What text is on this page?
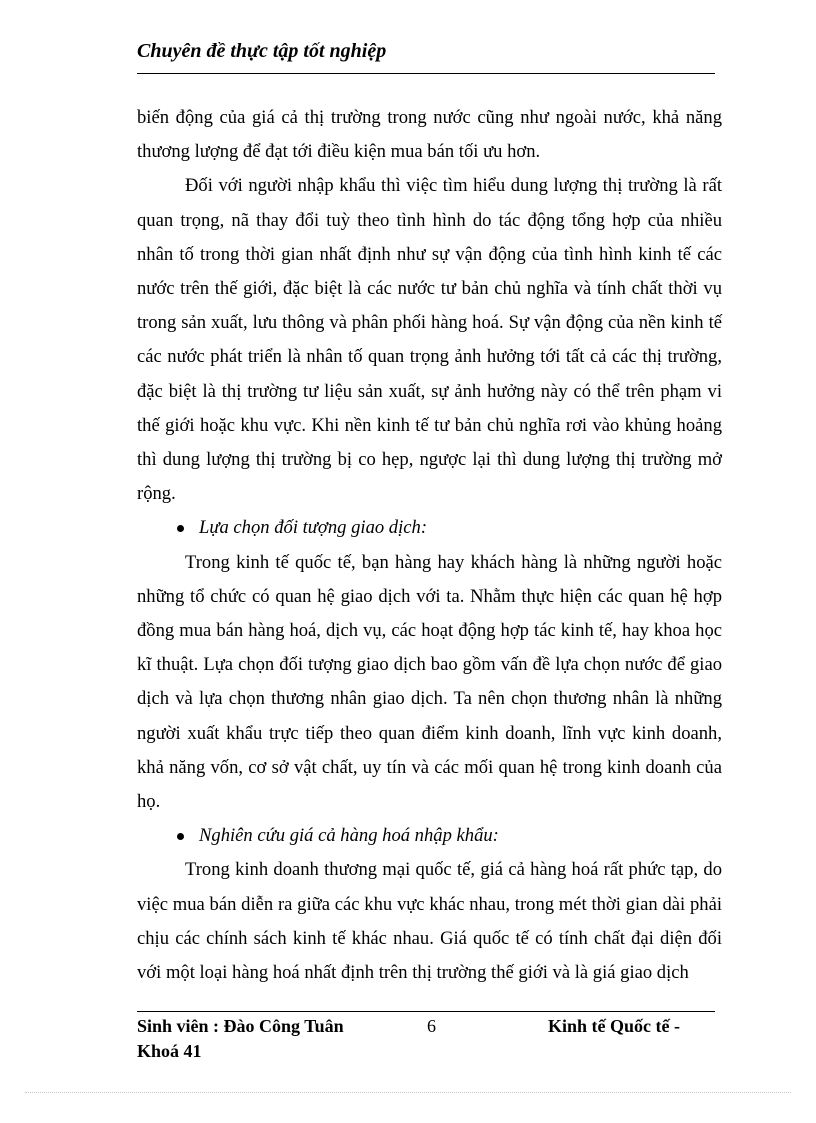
Chuyên đề thực tập tốt nghiệp

biến động của giá cả thị trường trong nước cũng như ngoài nước, khả năng thương lượng để đạt tới điều kiện mua bán tối ưu hơn.

Đối với người nhập khẩu thì việc tìm hiểu dung lượng thị trường là rất quan trọng, nã thay đổi tuỳ theo tình hình do tác động tổng hợp của nhiều nhân tố trong thời gian nhất định như sự vận động của tình hình kinh tế các nước trên thế giới, đặc biệt là các nước tư bản chủ nghĩa và tính chất thời vụ trong sản xuất, lưu thông và phân phối hàng hoá. Sự vận động của nền kinh tế các nước phát triển là nhân tố quan trọng ảnh hưởng tới tất cả các thị trường, đặc biệt là thị trường tư liệu sản xuất, sự ảnh hưởng này có thể trên phạm vi thế giới hoặc khu vực. Khi nền kinh tế tư bản chủ nghĩa rơi vào khủng hoảng thì dung lượng thị trường bị co hẹp, ngược lại thì dung lượng thị trường mở rộng.

Lựa chọn đối tượng giao dịch:

Trong kinh tế quốc tế, bạn hàng hay khách hàng là những người hoặc những tổ chức có quan hệ giao dịch với ta. Nhằm thực hiện các quan hệ hợp đồng mua bán hàng hoá, dịch vụ, các hoạt động hợp tác kinh tế, hay khoa học kĩ thuật. Lựa chọn đối tượng giao dịch bao gồm vấn đề lựa chọn nước để giao dịch và lựa chọn thương nhân giao dịch. Ta nên chọn thương nhân là những người xuất khẩu trực tiếp theo quan điểm kinh doanh, lĩnh vực kinh doanh, khả năng vốn, cơ sở vật chất, uy tín và các mối quan hệ trong kinh doanh của họ.

Nghiên cứu giá cả hàng hoá nhập khẩu:

Trong kinh doanh thương mại quốc tế, giá cả hàng hoá rất phức tạp, do việc mua bán diễn ra giữa các khu vực khác nhau, trong mét thời gian dài phải chịu các chính sách kinh tế khác nhau. Giá quốc tế có tính chất đại diện đối với một loại hàng hoá nhất định trên thị trường thế giới và là giá giao dịch

Sinh viên : Đào Công Tuân
Khoá 41
6	Kinh tế Quốc tế -
